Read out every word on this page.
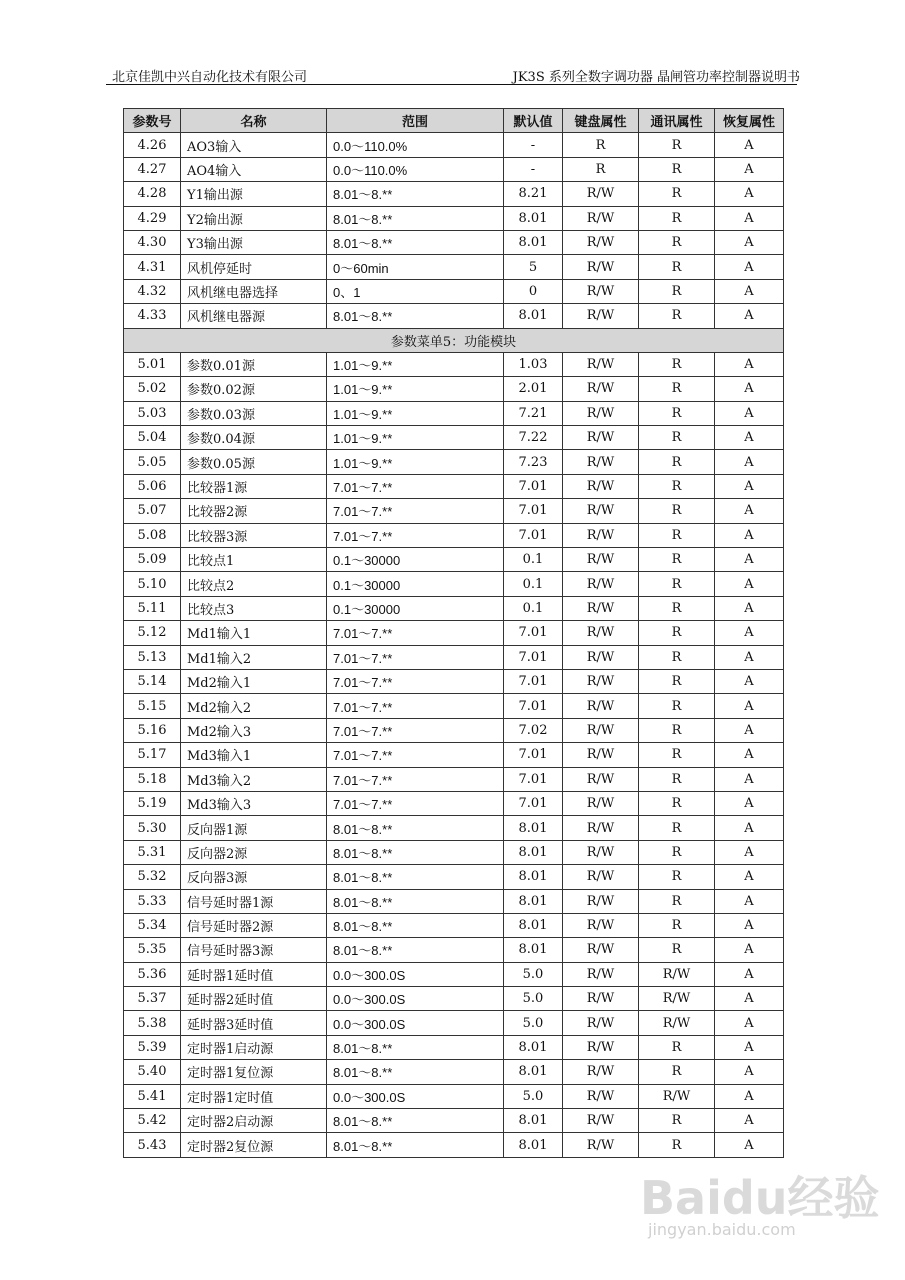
北京佳凯中兴自动化技术有限公司	JK3S 系列全数字调功器 晶闸管功率控制器说明书
参数号	名称	范围	默认值	键盘属性	通讯属性	恢复属性
4.26	AO3输入	0.0～110.0%	-	R	R	A
4.27	AO4输入	0.0～110.0%	-	R	R	A
4.28	Y1输出源	8.01～8.**	8.21	R/W	R	A
4.29	Y2输出源	8.01～8.**	8.01	R/W	R	A
4.30	Y3输出源	8.01～8.**	8.01	R/W	R	A
4.31	风机停延时	0～60min	5	R/W	R	A
4.32	风机继电器选择	0、1	0	R/W	R	A
4.33	风机继电器源	8.01～8.**	8.01	R/W	R	A
参数菜单5：功能模块						
5.01	参数0.01源	1.01～9.**	1.03	R/W	R	A
5.02	参数0.02源	1.01～9.**	2.01	R/W	R	A
5.03	参数0.03源	1.01～9.**	7.21	R/W	R	A
5.04	参数0.04源	1.01～9.**	7.22	R/W	R	A
5.05	参数0.05源	1.01～9.**	7.23	R/W	R	A
5.06	比较器1源	7.01～7.**	7.01	R/W	R	A
5.07	比较器2源	7.01～7.**	7.01	R/W	R	A
5.08	比较器3源	7.01～7.**	7.01	R/W	R	A
5.09	比较点1	0.1～30000	0.1	R/W	R	A
5.10	比较点2	0.1～30000	0.1	R/W	R	A
5.11	比较点3	0.1～30000	0.1	R/W	R	A
5.12	Md1输入1	7.01～7.**	7.01	R/W	R	A
5.13	Md1输入2	7.01～7.**	7.01	R/W	R	A
5.14	Md2输入1	7.01～7.**	7.01	R/W	R	A
5.15	Md2输入2	7.01～7.**	7.01	R/W	R	A
5.16	Md2输入3	7.01～7.**	7.02	R/W	R	A
5.17	Md3输入1	7.01～7.**	7.01	R/W	R	A
5.18	Md3输入2	7.01～7.**	7.01	R/W	R	A
5.19	Md3输入3	7.01～7.**	7.01	R/W	R	A
5.30	反向器1源	8.01～8.**	8.01	R/W	R	A
5.31	反向器2源	8.01～8.**	8.01	R/W	R	A
5.32	反向器3源	8.01～8.**	8.01	R/W	R	A
5.33	信号延时器1源	8.01～8.**	8.01	R/W	R	A
5.34	信号延时器2源	8.01～8.**	8.01	R/W	R	A
5.35	信号延时器3源	8.01～8.**	8.01	R/W	R	A
5.36	延时器1延时值	0.0～300.0S	5.0	R/W	R/W	A
5.37	延时器2延时值	0.0～300.0S	5.0	R/W	R/W	A
5.38	延时器3延时值	0.0～300.0S	5.0	R/W	R/W	A
5.39	定时器1启动源	8.01～8.**	8.01	R/W	R	A
5.40	定时器1复位源	8.01～8.**	8.01	R/W	R	A
5.41	定时器1定时值	0.0～300.0S	5.0	R/W	R/W	A
5.42	定时器2启动源	8.01～8.**	8.01	R/W	R	A
5.43	定时器2复位源	8.01～8.**	8.01	R/W	R	A
Baidu经验
jingyan.baidu.com
